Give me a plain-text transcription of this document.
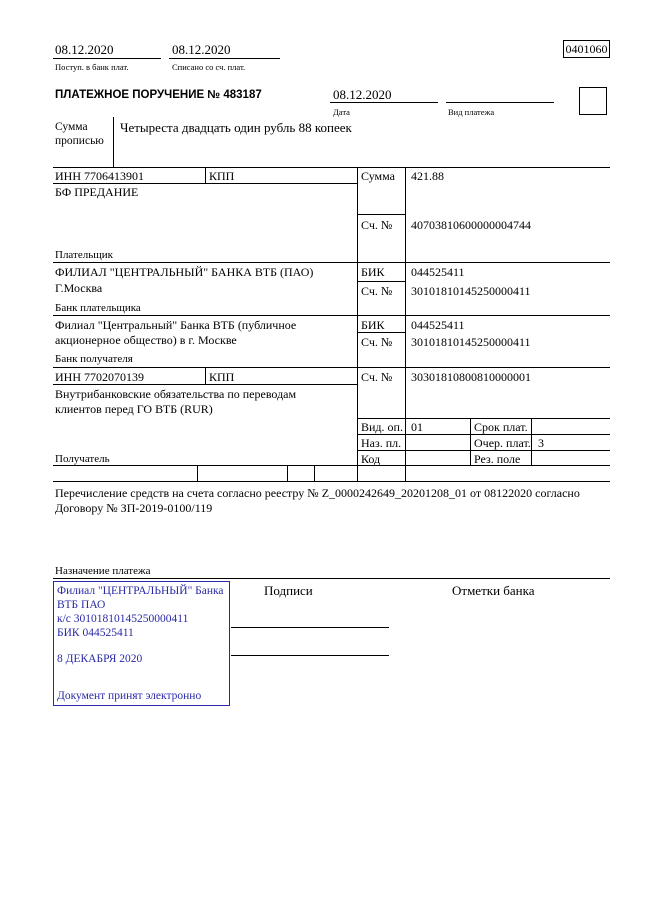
08.12.2020
Поступ. в банк плат.
08.12.2020
Списано со сч. плат.
0401060
ПЛАТЕЖНОЕ ПОРУЧЕНИЕ № 483187	08.12.2020
Дата	Вид платежа
Сумма
прописью
Четыреста двадцать один рубль 88 копеек
ИНН 7706413901	КПП
БФ ПРЕДАНИЕ
Плательщик
Сумма 421.88
Сч. № 40703810600000004744
ФИЛИАЛ "ЦЕНТРАЛЬНЫЙ" БАНКА ВТБ (ПАО)
Г.Москва
Банк плательщика
БИК 044525411
Сч. № 30101810145250000411
Филиал "Центральный" Банка ВТБ (публичное
акционерное общество) в г. Москве
Банк получателя
БИК 044525411
Сч. № 30101810145250000411
ИНН 7702070139	КПП	Сч. № 30301810800810000001
Внутрибанковские обязательства по переводам
клиентов перед ГО ВТБ (RUR)
Получатель
Вид. оп. 01	Срок плат.
Наз. пл.	Очер. плат. 3
Код	Рез. поле
Перечисление средств на счета согласно реестру № Z_0000242649_20201208_01 от 08122020 согласно
Договору № ЗП-2019-0100/119
Назначение платежа
Подписи	Отметки банка
Филиал "ЦЕНТРАЛЬНЫЙ" Банка
ВТБ ПАО
к/с 30101810145250000411
БИК 044525411
8 ДЕКАБРЯ 2020
Документ принят электронно
